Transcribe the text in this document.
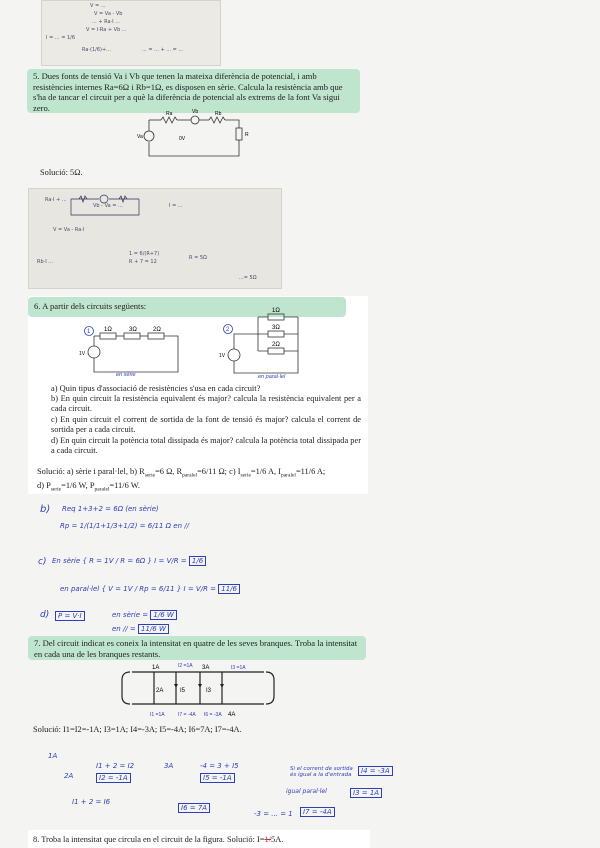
V = ...
V = Va - Vb
... + Ra·I ...
V = I·Ra + Vb ...
I = ... = 1/6
Ra·(1/6)+...	... = ... + ... = ...
5. Dues fonts de tensió Va i Vb que tenen la mateixa diferència de potencial, i amb resistències internes Ra=6Ω i Rb=1Ω, es disposen en sèrie. Calcula la resistència amb que s'ha de tancar el circuit per a què la diferència de potencial als extrems de la font Va sigui zero.
Ra	Vb	Rb
Va	0V
R
Solució: 5Ω.
Ra·I + ...
Vb - Va = ...	I = ...
V = Va - Ra·I
1 = 6/(R+7)
R + 7 = 12
R = 5Ω
Rb·I ...
...= 5Ω
6. A partir dels circuits següents:
1 1Ω	3Ω	2Ω
1V
en sèrie
2
1Ω
3Ω
2Ω
1V
en paral·lel
a) Quin tipus d'associació de resistències s'usa en cada circuit?
b) En quin circuit la resistència equivalent és major? calcula la resistència equivalent per a cada circuit.
c) En quin circuit el corrent de sortida de la font de tensió és major? calcula el corrent de sortida per a cada circuit.
d) En quin circuit la potència total dissipada és major? calcula la potència total dissipada per a cada circuit.
Solució: a) sèrie i paral·lel, b) $R_{serie}=6$ Ω, $R_{paralel}=6/11$ Ω; c) $I_{serie}=1/6$ A, $I_{paralel}=11/6$ A;
d) $P_{serie}=1/6$ W, $P_{paralel}=11/6$ W.
b) Req 1+3+2 = 6Ω (en sèrie)
Rp = 1/(1/1+1/3+1/2) = 6/11 Ω en //
c) En sèrie { R = 1V / R = 6Ω } I = V/R = 1/6
en paral·lel { V = 1V / Rp = 6/11 } I = V/R = 11/6
d)	P = V·I	en sèrie = 1/6 W
en // = 11/6 W
7. Del circuit indicat es coneix la intensitat en quatre de les seves branques. Troba la intensitat en cada una de les branques restants.
1A	I2 =1A 3A	I3 =1A
2A	I5	I3
I1 =1A	I7 = -4A I6 = -3A 4A
Solució: I1=I2=-1A; I3=1A; I4=-3A; I5=-4A; I6=7A; I7=-4A.
1A
2A
I1 + 2 = I2
I2 = -1A
-4 = 3 + I5
I5 = -1A
3A	Si el corrent de sortida és igual a la d'entrada	I4 = -3A
igual paral·lel	I3 = 1A
I1 + 2 = I6
I6 = 7A
-3 = ... = 1	I7 = -4A
8. Troba la intensitat que circula en el circuit de la figura. Solució: I=1/5A.
